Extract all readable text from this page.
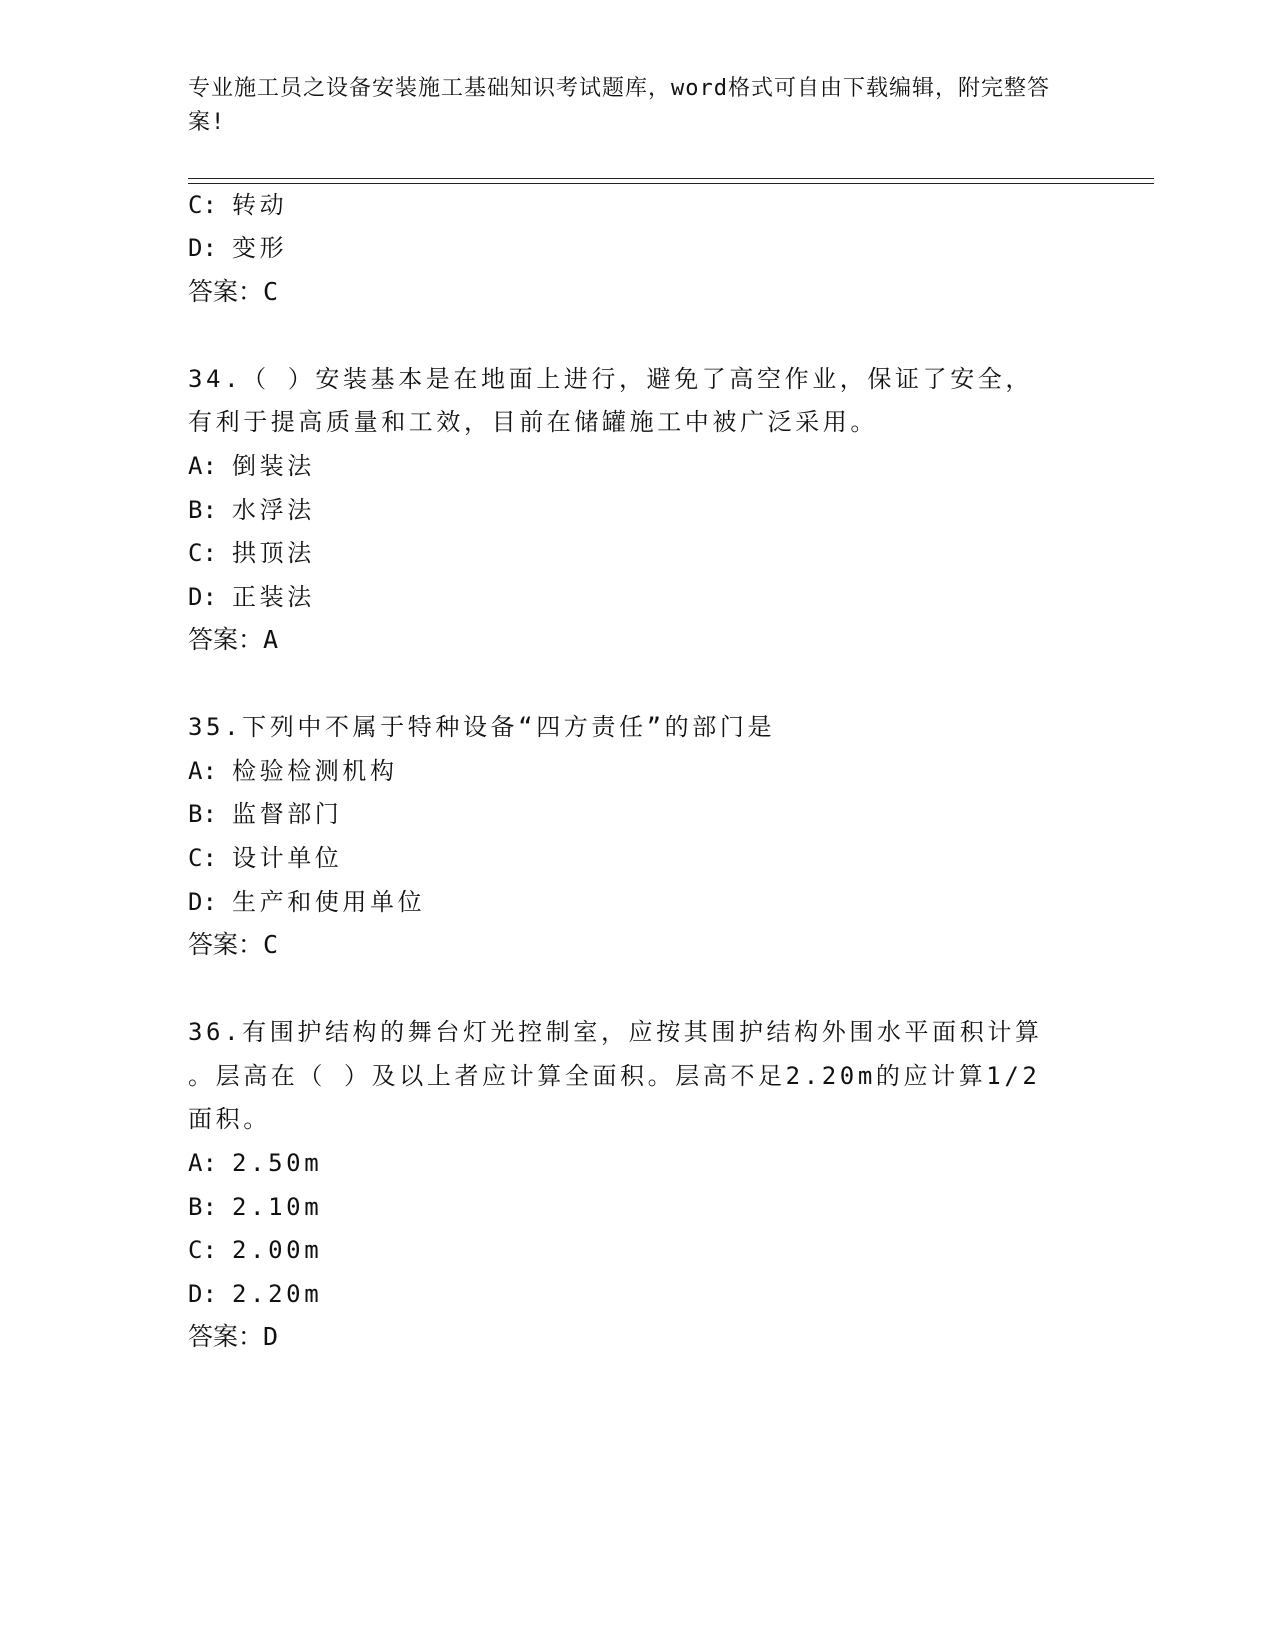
专业施工员之设备安装施工基础知识考试题库，word格式可自由下载编辑，附完整答案!
C: 转动
D: 变形
答案：C
34.（ ）安装基本是在地面上进行，避免了高空作业，保证了安全，
有利于提高质量和工效，目前在储罐施工中被广泛采用。
A: 倒装法
B: 水浮法
C: 拱顶法
D: 正装法
答案：A
35.下列中不属于特种设备“四方责任”的部门是
A: 检验检测机构
B: 监督部门
C: 设计单位
D: 生产和使用单位
答案：C
36.有围护结构的舞台灯光控制室，应按其围护结构外围水平面积计算
。层高在（ ）及以上者应计算全面积。层高不足2.20m的应计算1/2
面积。
A: 2.50m
B: 2.10m
C: 2.00m
D: 2.20m
答案：D
